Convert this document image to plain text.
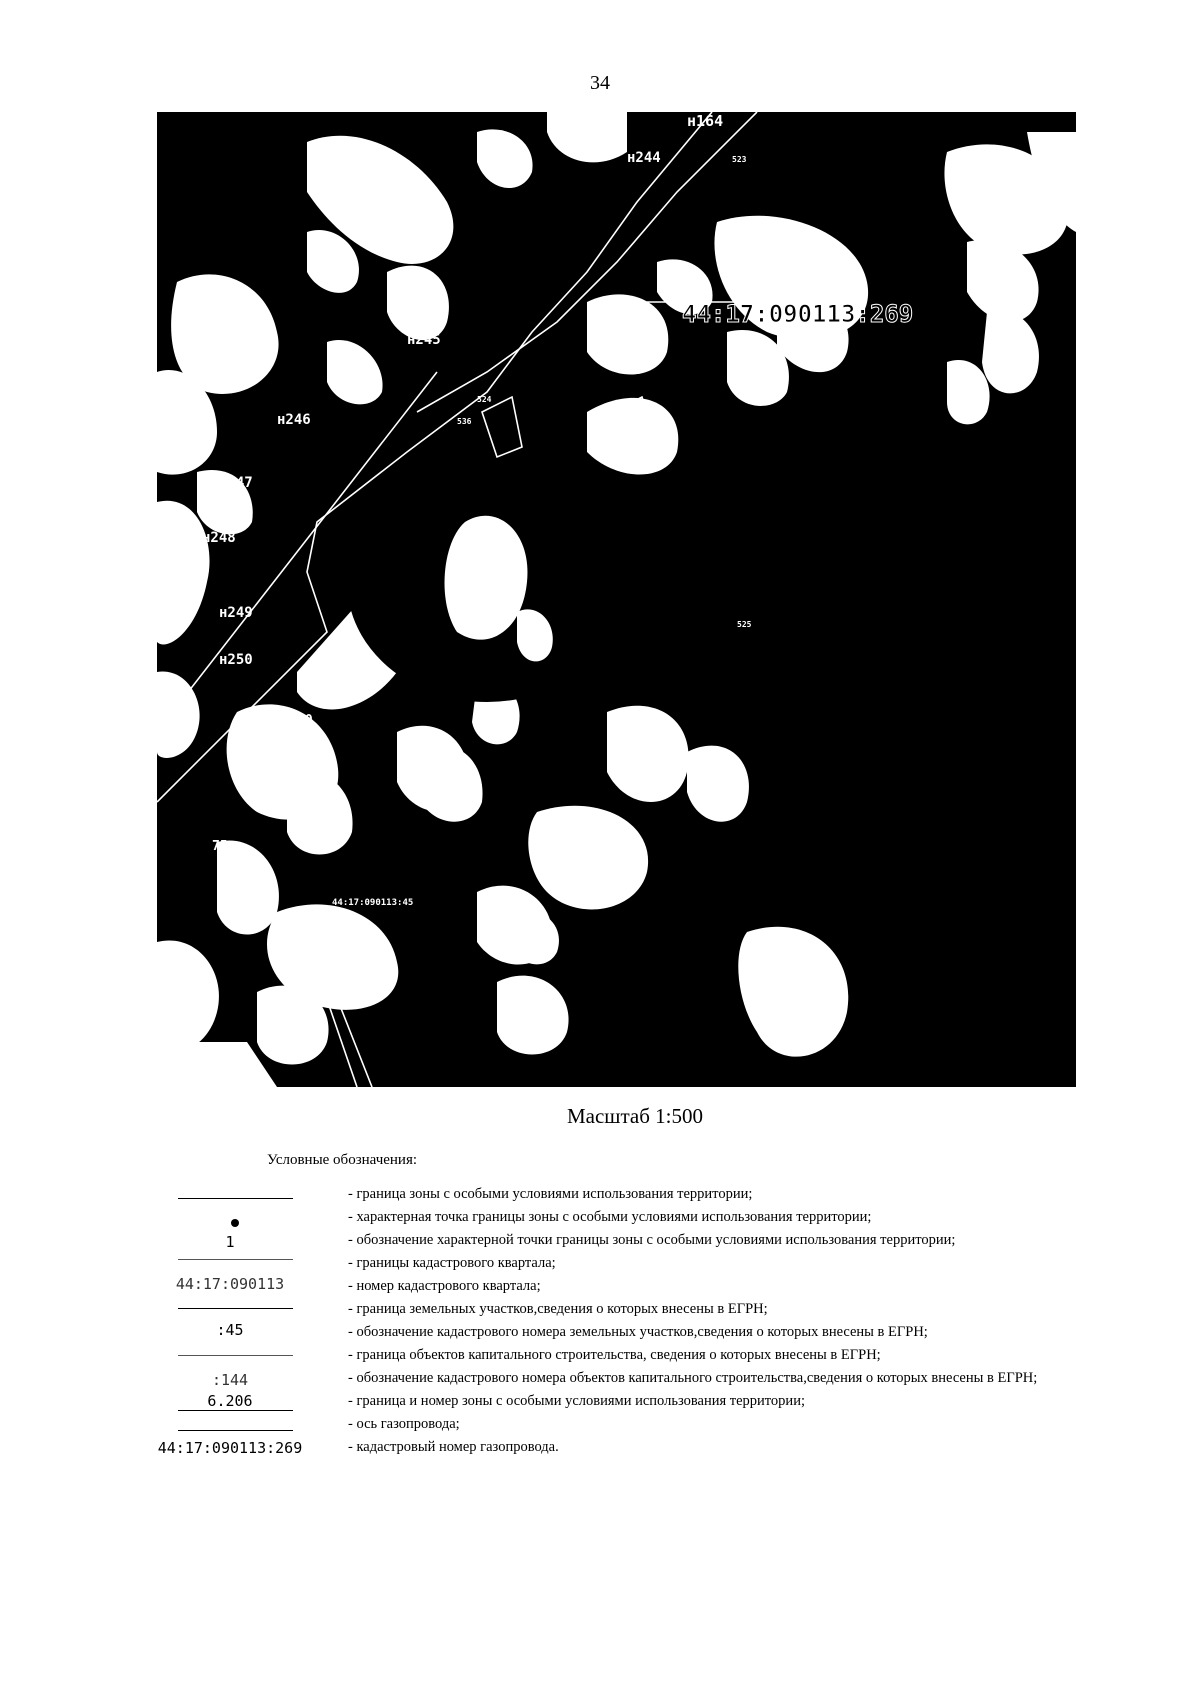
34
н164
н244
н245
н246
н247
н248
н249
н250
643
60
75
523
524
536
525
535
544
44:17:090113:45
44:17:090113:269
Масштаб 1:500
Условные обозначения:
- граница зоны с особыми условиями использования территории;
- характерная точка границы зоны с особыми условиями использования территории;
1	- обозначение характерной точки границы зоны с особыми условиями использования территории;
- границы кадастрового квартала;
44:17:090113	- номер кадастрового квартала;
- граница земельных участков,сведения о которых внесены в ЕГРН;
:45	- обозначение кадастрового номера земельных участков,сведения о которых внесены в ЕГРН;
- граница объектов капитального строительства, сведения о которых внесены в ЕГРН;
:144	- обозначение кадастрового номера объектов капитального строительства,сведения о которых внесены в ЕГРН;
6.206	- граница и номер зоны с особыми условиями использования территории;
- ось газопровода;
44:17:090113:269	- кадастровый номер газопровода.
